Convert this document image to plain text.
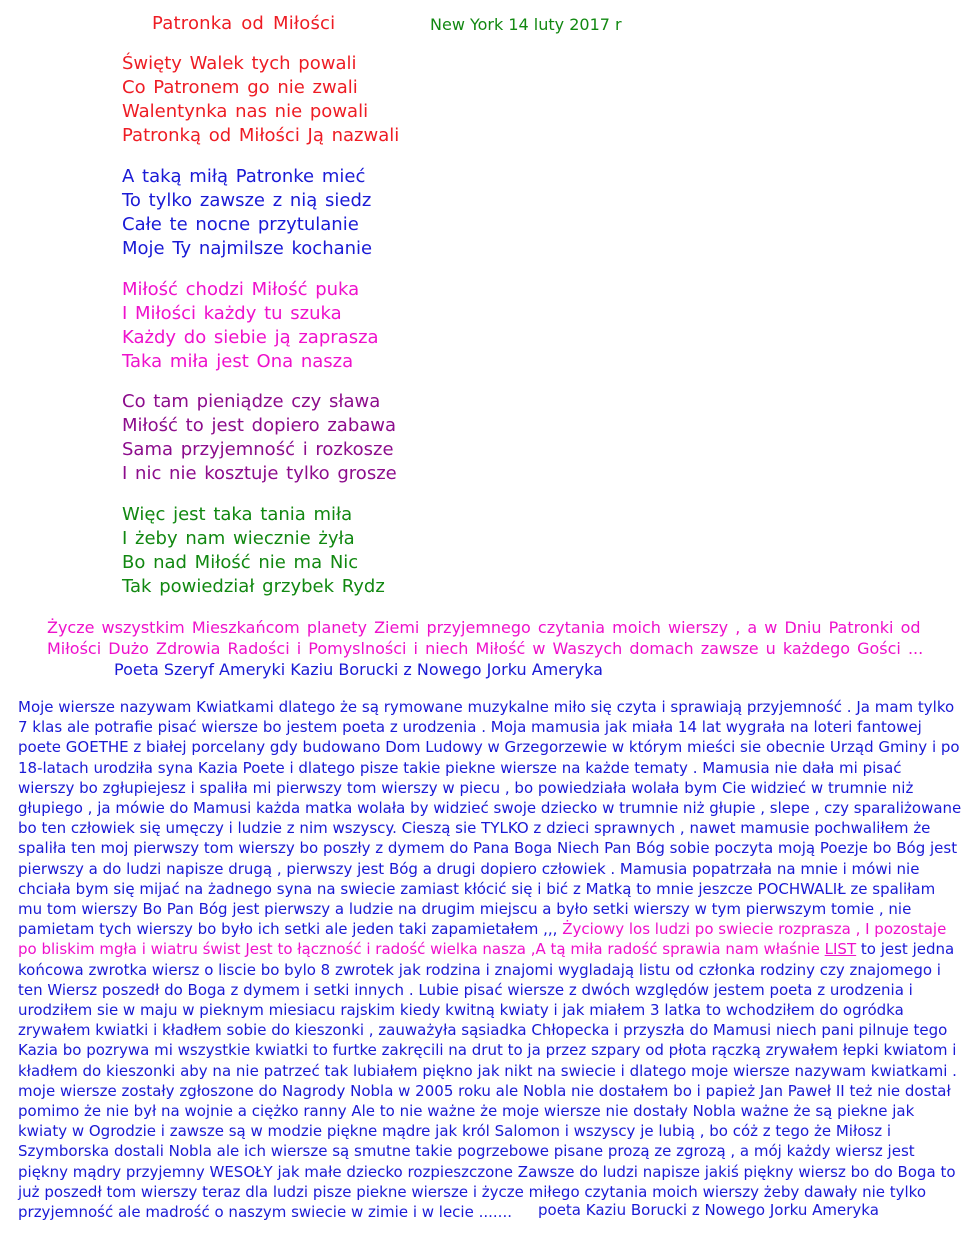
Patronka od Miłości	New York 14 luty 2017 r
Święty Walek tych powali
Co Patronem go nie zwali
Walentynka nas nie powali
Patronką od Miłości Ją nazwali
A taką miłą Patronke mieć
To tylko zawsze z nią siedz
Całe te nocne przytulanie
Moje Ty najmilsze kochanie
Miłość chodzi Miłość puka
I Miłości każdy tu szuka
Każdy do siebie ją zaprasza
Taka miła jest Ona nasza
Co tam pieniądze czy sława
Miłość to jest dopiero zabawa
Sama przyjemność i rozkosze
I nic nie kosztuje tylko grosze
Więc jest taka tania miła
I żeby nam wiecznie żyła
Bo nad Miłość nie ma Nic
Tak powiedział grzybek Rydz
Życze wszystkim Mieszkańcom planety Ziemi przyjemnego czytania moich wierszy , a w Dniu Patronki od
Miłości Dużo Zdrowia Radości i Pomyslności i niech Miłość w Waszych domach zawsze u każdego Gości ...
Poeta Szeryf Ameryki Kaziu Borucki z Nowego Jorku Ameryka
Moje wiersze nazywam Kwiatkami dlatego że są rymowane muzykalne miło się czyta i sprawiają przyjemność . Ja mam tylko 7 klas ale potrafie pisać wiersze bo jestem poeta z urodzenia . Moja mamusia jak miała 14 lat wygrała na loteri fantowej poete GOETHE z białej porcelany gdy budowano Dom Ludowy w Grzegorzewie w którym mieści sie obecnie Urząd Gminy i po 18-latach urodziła syna Kazia Poete i dlatego pisze takie piekne wiersze na każde tematy . Mamusia nie dała mi pisać wierszy bo zgłupiejesz i spaliła mi pierwszy tom wierszy w piecu , bo powiedziała wolała bym Cie widzieć w trumnie niż głupiego , ja mówie do Mamusi każda matka wolała by widzieć swoje dziecko w trumnie niż głupie , slepe , czy sparaliżowane bo ten człowiek się umęczy i ludzie z nim wszyscy. Cieszą sie TYLKO z dzieci sprawnych , nawet mamusie pochwaliłem że spaliła ten moj pierwszy tom wierszy bo poszły z dymem do Pana Boga Niech Pan Bóg sobie poczyta moją Poezje bo Bóg jest pierwszy a do ludzi napisze drugą , pierwszy jest Bóg a drugi dopiero człowiek . Mamusia popatrzała na mnie i mówi nie chciała bym się mijać na żadnego syna na swiecie zamiast kłócić się i bić z Matką to mnie jeszcze POCHWALIŁ ze spaliłam mu tom wierszy Bo Pan Bóg jest pierwszy a ludzie na drugim miejscu a było setki wierszy w tym pierwszym tomie , nie pamietam tych wierszy bo było ich setki ale jeden taki zapamietałem ,,, Życiowy los ludzi po swiecie rozprasza , I pozostaje po bliskim mgła i wiatru świst Jest to łączność i radość wielka nasza ,A tą miła radość sprawia nam właśnie LIST to jest jedna końcowa zwrotka wiersz o liscie bo bylo 8 zwrotek jak rodzina i znajomi wygladają listu od członka rodziny czy znajomego i ten Wiersz poszedł do Boga z dymem i setki innych . Lubie pisać wiersze z dwóch względów jestem poeta z urodzenia i urodziłem sie w maju w pieknym miesiacu rajskim kiedy kwitną kwiaty i jak miałem 3 latka to wchodziłem do ogródka zrywałem kwiatki i kładłem sobie do kieszonki , zauważyła sąsiadka Chłopecka i przyszła do Mamusi niech pani pilnuje tego Kazia bo pozrywa mi wszystkie kwiatki to furtke zakręcili na drut to ja przez szpary od płota rączką zrywałem łepki kwiatom i kładłem do kieszonki aby na nie patrzeć tak lubiałem piękno jak nikt na swiecie i dlatego moje wiersze nazywam kwiatkami . moje wiersze zostały zgłoszone do Nagrody Nobla w 2005 roku ale Nobla nie dostałem bo i papież Jan Paweł II też nie dostał pomimo że nie był na wojnie a ciężko ranny Ale to nie ważne że moje wiersze nie dostały Nobla ważne że są piekne jak kwiaty w Ogrodzie i zawsze są w modzie piękne mądre jak król Salomon i wszyscy je lubią , bo cóż z tego że Miłosz i Szymborska dostali Nobla ale ich wiersze są smutne takie pogrzebowe pisane prozą ze zgrozą , a mój każdy wiersz jest piękny mądry przyjemny WESOŁY jak małe dziecko rozpieszczone Zawsze do ludzi napisze jakiś piękny wiersz bo do Boga to już poszedł tom wierszy teraz dla ludzi pisze piekne wiersze i życze miłego czytania moich wierszy żeby dawały nie tylko przyjemność ale madrość o naszym swiecie w zimie i w lecie .......	poeta Kaziu Borucki z Nowego Jorku Ameryka
